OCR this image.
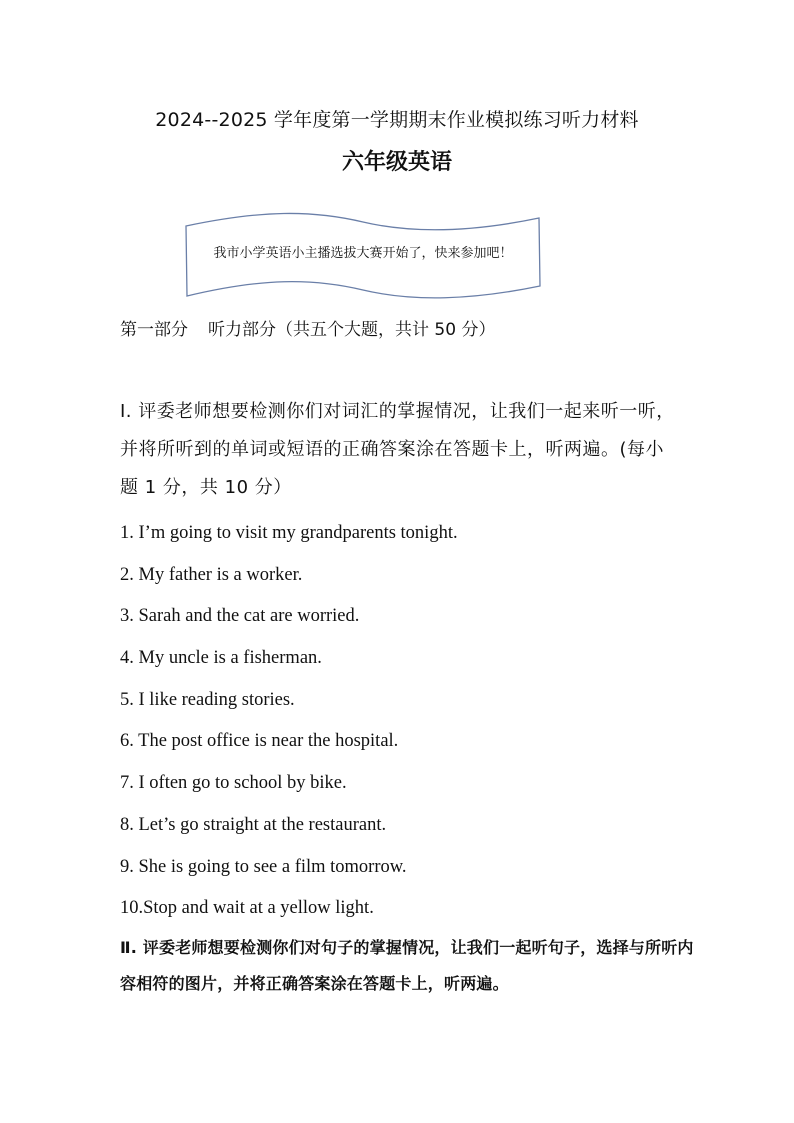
2024--2025 学年度第一学期期末作业模拟练习听力材料
六年级英语
我市小学英语小主播选拔大赛开始了，快来参加吧！
第一部分 听力部分（共五个大题，共计 50 分）
Ⅰ. 评委老师想要检测你们对词汇的掌握情况，让我们一起来听一听，并将所听到的单词或短语的正确答案涂在答题卡上，听两遍。(每小题 1 分，共 10 分）
1. I’m going to visit my grandparents tonight.
2. My father is a worker.
3. Sarah and the cat are worried.
4. My uncle is a fisherman.
5. I like reading stories.
6. The post office is near the hospital.
7. I often go to school by bike.
8. Let’s go straight at the restaurant.
9. She is going to see a film tomorrow.
10.Stop and wait at a yellow light.
Ⅱ. 评委老师想要检测你们对句子的掌握情况，让我们一起听句子，选择与所听内容相符的图片，并将正确答案涂在答题卡上，听两遍。
